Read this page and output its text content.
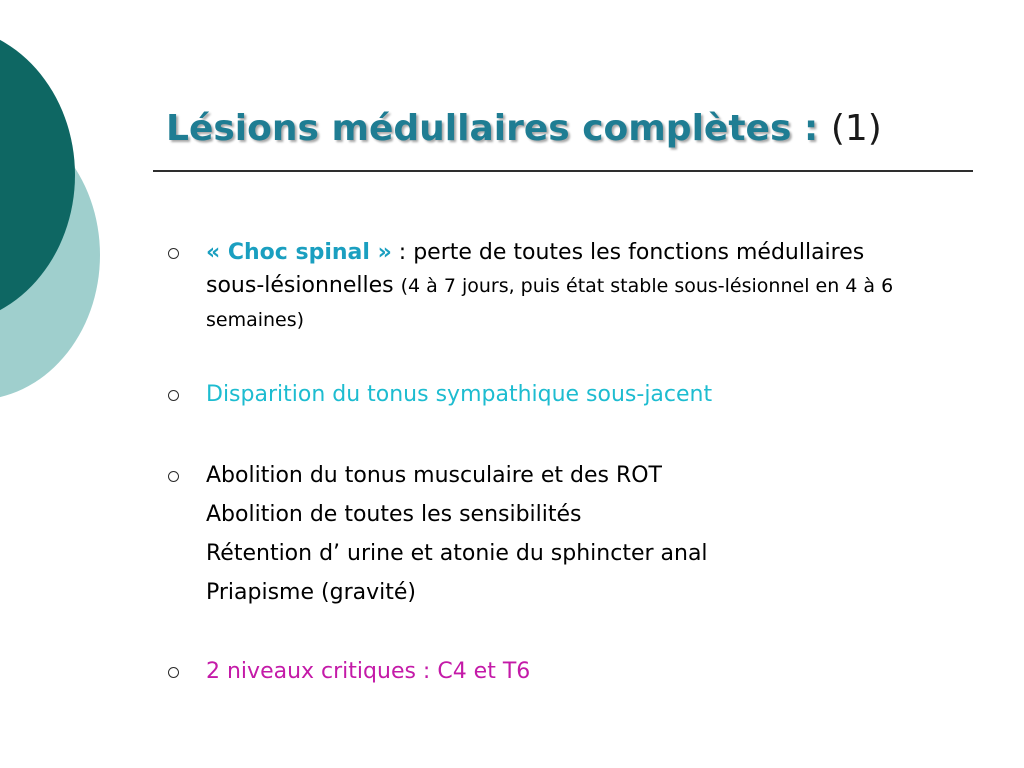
Lésions médullaires complètes : (1)
« Choc spinal » : perte de toutes les fonctions médullaires sous-lésionnelles (4 à 7 jours, puis état stable sous-lésionnel en 4 à 6 semaines)
Disparition du tonus sympathique sous-jacent
Abolition du tonus musculaire et des ROT
Abolition de toutes les sensibilités
Rétention d’ urine et atonie du sphincter anal
Priapisme (gravité)
2 niveaux critiques : C4 et T6
